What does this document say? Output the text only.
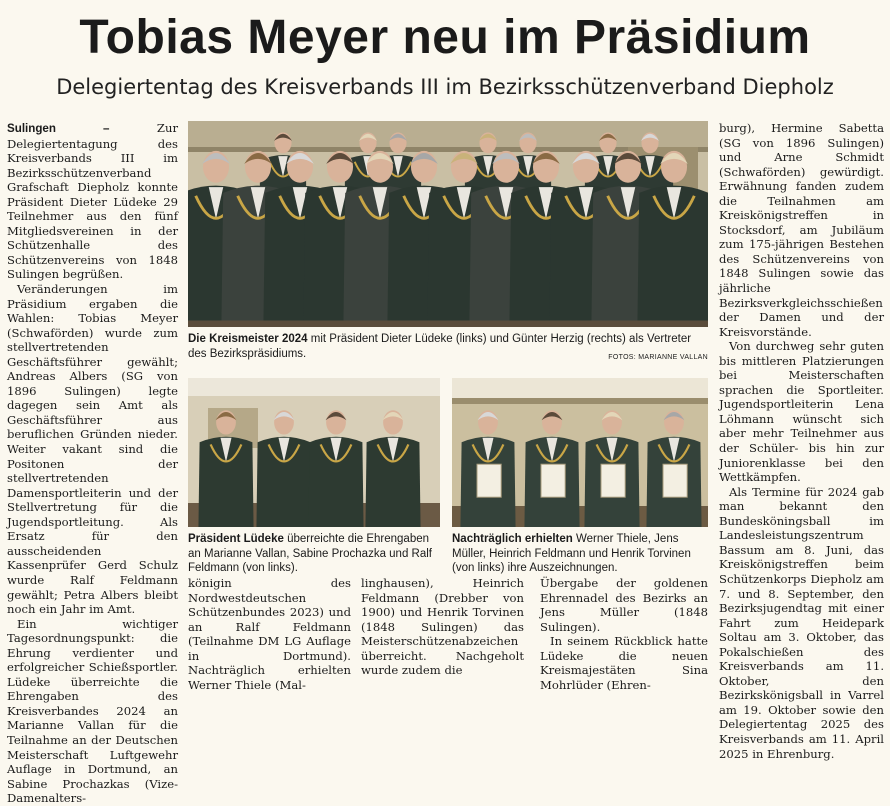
Tobias Meyer neu im Präsidium
Delegiertentag des Kreisverbands III im Bezirksschützenverband Diepholz

Sulingen – Zur Delegiertentagung des Kreisverbands III im Bezirksschützenverband Grafschaft Diepholz konnte Präsident Dieter Lüdeke 29 Teilnehmer aus den fünf Mitgliedsvereinen in der Schützenhalle des Schützenvereins von 1848 Sulingen begrüßen.

Veränderungen im Präsidium ergaben die Wahlen: Tobias Meyer (Schwaförden) wurde zum stellvertretenden Geschäftsführer gewählt; Andreas Albers (SG von 1896 Sulingen) legte dagegen sein Amt als Geschäftsführer aus beruflichen Gründen nieder. Weiter vakant sind die Positonen der stellvertretenden Damensportleiterin und der Stellvertretung für die Jugendsportleitung. Als Ersatz für den ausscheidenden Kassenprüfer Gerd Schulz wurde Ralf Feldmann gewählt; Petra Albers bleibt noch ein Jahr im Amt.

Ein wichtiger Tagesordnungspunkt: die Ehrung verdienter und erfolgreicher Schießsportler. Lüdeke überreichte die Ehrengaben des Kreisverbandes 2024 an Marianne Vallan für die Teilnahme an der Deutschen Meisterschaft Luftgewehr Auflage in Dortmund, an Sabine Prochazkas (Vize-Damenalters-

Die Kreismeister 2024 mit Präsident Dieter Lüdeke (links) und Günter Herzig (rechts) als Vertreter des Bezirkspräsidiums.	FOTOS: MARIANNE VALLAN
Präsident Lüdeke überreichte die Ehrengaben an Marianne Vallan, Sabine Prochazka und Ralf Feldmann (von links).
Nachträglich erhielten Werner Thiele, Jens Müller, Heinrich Feldmann und Henrik Torvinen (von links) ihre Auszeichnungen.

königin des Nordwestdeutschen Schützenbundes 2023) und an Ralf Feldmann (Teilnahme DM LG Auflage in Dortmund). Nachträglich erhielten Werner Thiele (Mal-

linghausen), Heinrich Feldmann (Drebber von 1900) und Henrik Torvinen (1848 Sulingen) das Meisterschützenabzeichen überreicht. Nachgeholt wurde zudem die

Übergabe der goldenen Ehrennadel des Bezirks an Jens Müller (1848 Sulingen).

In seinem Rückblick hatte Lüdeke die neuen Kreismajestäten Sina Mohrlüder (Ehren-

burg), Hermine Sabetta (SG von 1896 Sulingen) und Arne Schmidt (Schwaförden) gewürdigt. Erwähnung fanden zudem die Teilnahmen am Kreiskönigstreffen in Stocksdorf, am Jubiläum zum 175-jährigen Bestehen des Schützenvereins von 1848 Sulingen sowie das jährliche Bezirksverkgleichsschießen der Damen und der Kreisvorstände.

Von durchweg sehr guten bis mittleren Platzierungen bei Meisterschaften sprachen die Sportleiter. Jugendsportleiterin Lena Löhmann wünscht sich aber mehr Teilnehmer aus der Schüler- bis hin zur Juniorenklasse bei den Wettkämpfen.

Als Termine für 2024 gab man bekannt den Bundesköningsball im Landesleistungszentrum Bassum am 8. Juni, das Kreiskönigstreffen beim Schützenkorps Diepholz am 7. und 8. September, den Bezirksjugendtag mit einer Fahrt zum Heidepark Soltau am 3. Oktober, das Pokalschießen des Kreisverbands am 11. Oktober, den Bezirkskönigsball in Varrel am 19. Oktober sowie den Delegiertentag 2025 des Kreisverbands am 11. April 2025 in Ehrenburg.
